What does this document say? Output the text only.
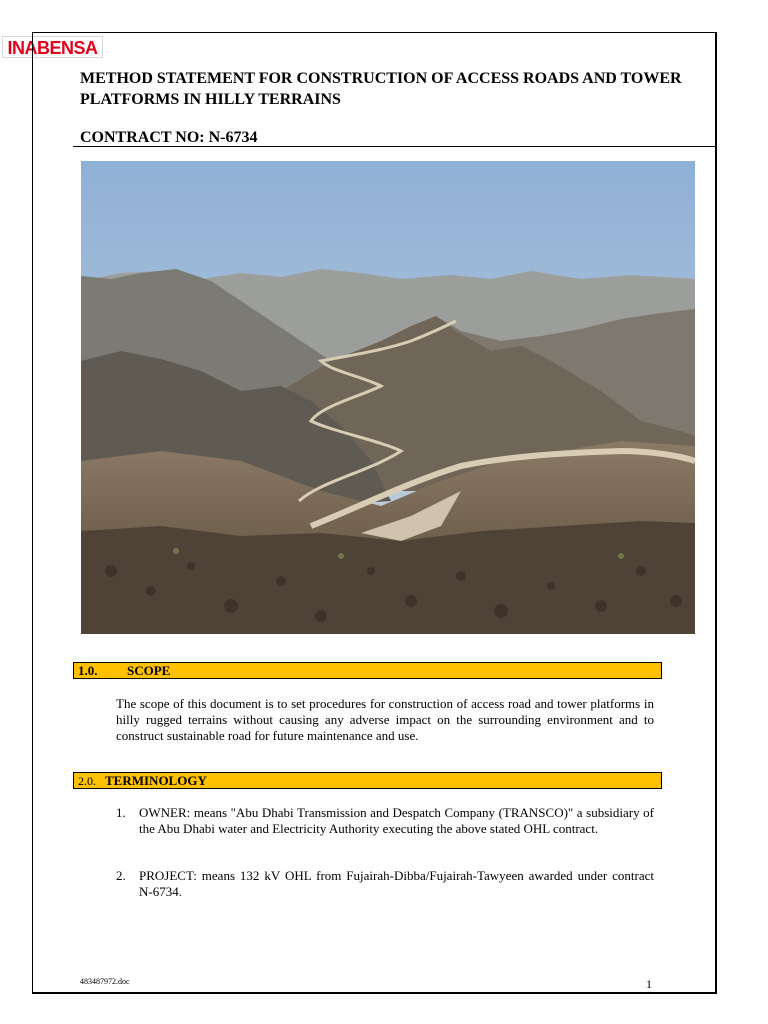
INABENSA
METHOD STATEMENT FOR CONSTRUCTION OF ACCESS ROADS AND TOWER PLATFORMS IN HILLY TERRAINS
CONTRACT NO: N-6734
1.0. SCOPE
The scope of this document is to set procedures for construction of access road and tower platforms in hilly rugged terrains without causing any adverse impact on the surrounding environment and to construct sustainable road for future maintenance and use.
2.0. TERMINOLOGY
1. OWNER: means "Abu Dhabi Transmission and Despatch Company (TRANSCO)" a subsidiary of the Abu Dhabi water and Electricity Authority executing the above stated OHL contract.
2. PROJECT: means 132 kV OHL from Fujairah-Dibba/Fujairah-Tawyeen awarded under contract N-6734.
483487972.doc	1
